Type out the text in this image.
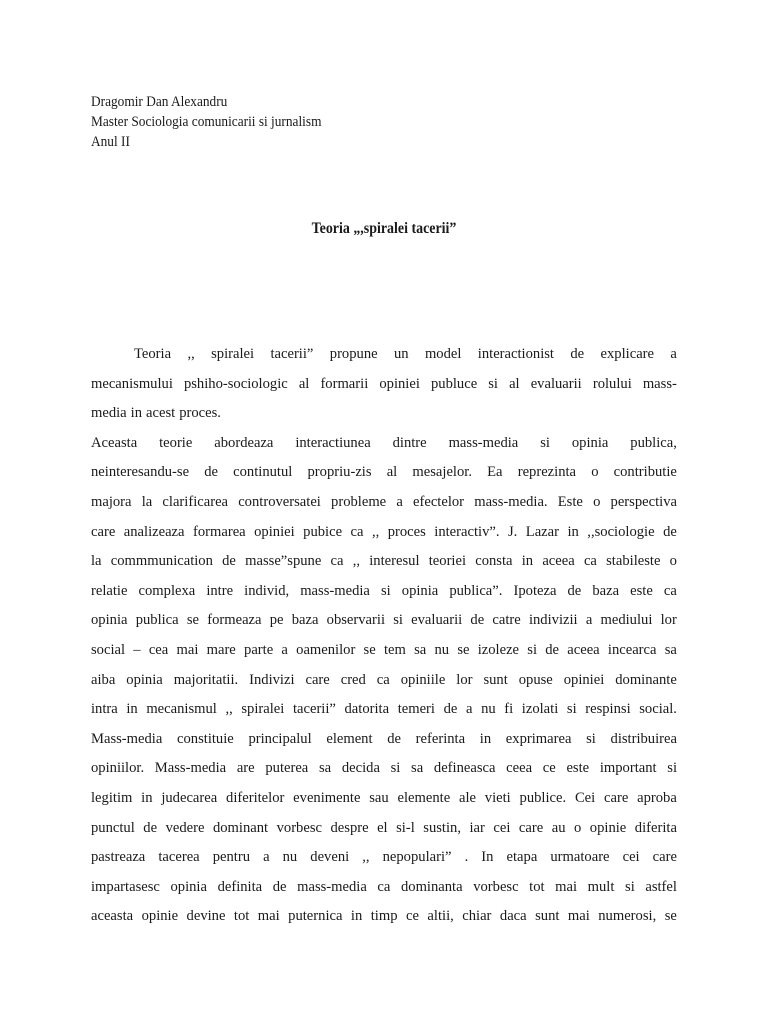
Dragomir Dan Alexandru
Master Sociologia comunicarii si jurnalism
Anul II
Teoria „,spiralei tacerii”
Teoria ,, spiralei tacerii” propune un model interactionist de explicare a
mecanismului pshiho-sociologic al formarii opiniei publuce si al evaluarii rolului mass-
media in acest proces.
Aceasta teorie abordeaza interactiunea dintre mass-media si opinia publica,
neinteresandu-se de continutul propriu-zis al mesajelor. Ea reprezinta o contributie
majora la clarificarea controversatei probleme a efectelor mass-media. Este o perspectiva
care analizeaza formarea opiniei pubice ca ,, proces interactiv”. J. Lazar in ,,sociologie de
la commmunication de masse”spune ca ,, interesul teoriei consta in aceea ca stabileste o
relatie complexa intre individ, mass-media si opinia publica”. Ipoteza de baza este ca
opinia publica se formeaza pe baza observarii si evaluarii de catre indivizii a mediului lor
social – cea mai mare parte a oamenilor se tem sa nu se izoleze si de aceea incearca sa
aiba opinia majoritatii. Indivizi care cred ca opiniile lor sunt opuse opiniei dominante
intra in mecanismul ,, spiralei tacerii” datorita temeri de a nu fi izolati si respinsi social.
Mass-media constituie principalul element de referinta in exprimarea si distribuirea
opiniilor. Mass-media are puterea sa decida si sa defineasca ceea ce este important si
legitim in judecarea diferitelor evenimente sau elemente ale vieti publice. Cei care aproba
punctul de vedere dominant vorbesc despre el si-l sustin, iar cei care au o opinie diferita
pastreaza tacerea pentru a nu deveni ,, nepopulari” . In etapa urmatoare cei care
impartasesc opinia definita de mass-media ca dominanta vorbesc tot mai mult si astfel
aceasta opinie devine tot mai puternica in timp ce altii, chiar daca sunt mai numerosi, se
